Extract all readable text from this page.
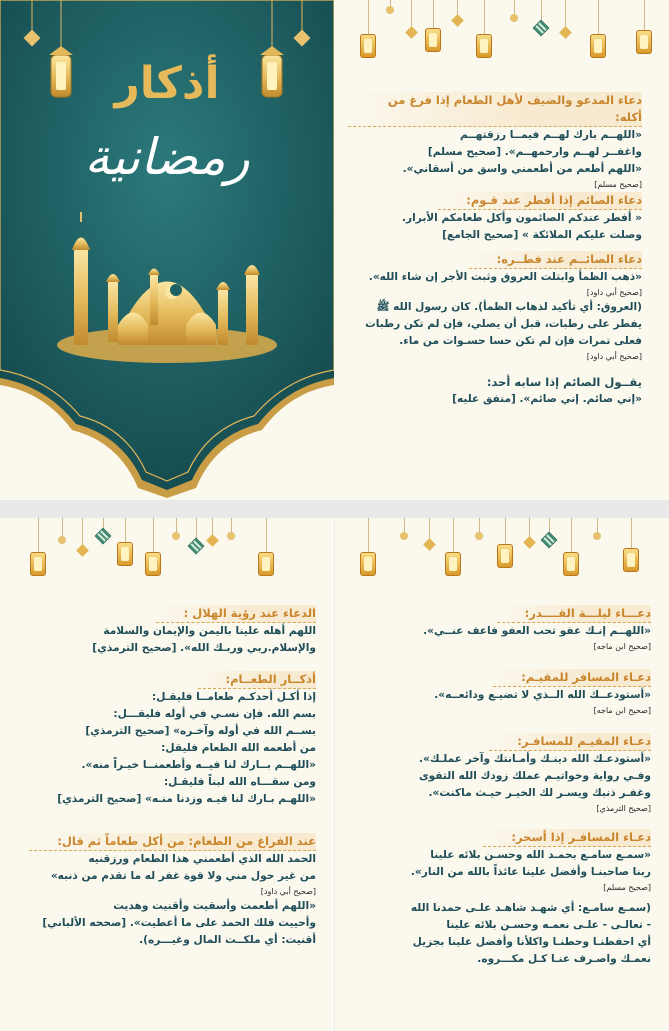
أذكار
رمضانية
دعاء المدعو والضيف لأهل الطعام إذا فرغ من أكله:
«اللهــم بارك لهــم فيمــا رزقتهــم
واغفــر لهــم وارحمهــم». [صحيح مسلم]
«اللهم أطعم من أطعمني واسق من أسقاني».
[صحيح مسلم]
دعاء الصائم إذا أفطر عند قـوم:
« أفطر عندكم الصائمون وأكل طعامكم الأبرار.
وصلت عليكم الملائكة » [صحيح الجامع]
دعاء الصائــم عند فطــره:
«ذهب الظمأ وابتلت العروق وثبت الأجر إن شاء الله».
[صحيح أبي داود]
(العروق: أي تأكيد لذهاب الظمأ). كان رسول الله ﷺ
يفطر على رطبات، قبل أن يصلي، فإن لم تكن رطبات
فعلى تمرات فإن لم تكن حسا حسـوات من ماء.
[صحيح أبي داود]
يقــول الصائم إذا سابه أحد:
«إني صائم. إني صائم». [متفق عليه]
الدعاء عند رؤية الهلال :
اللهم أهله علينا باليمن والإيمان والسلامة
والإسلام.ربي وربـك الله». [صحيح الترمذي]
أذكــار الطعــام:
إذا أكـل أحدكـم طعامــا فليقـل:
بسم الله. فإن نسـي في أوله فليقـــل:
بســم الله في أوله وآخـره» [صحيح الترمذي]
من أطعمه الله الطعام فليقل:
«اللهــم بــارك لنا فيــه وأطعمنــا خيـراً منه».
ومن سقـــاه الله لبناً فليقـل:
«اللهـم بـارك لنا فيـه وزدنا منـه» [صحيح الترمذي]
عند الفراغ من الطعام: من أكل طعاماً ثم قال:
الحمد الله الذي أطعمني هذا الطعام ورزقنيه
من غير حول مني ولا قوة غفر له ما تقدم من ذنبه»
[صحيح أبي داود]
«اللهم أطعمت وأسقيت وأقنيت وهديت
وأحييت فلك الحمد على ما أعطيت». [صححه الألباني]
أقنيت: أي ملكــت المال وغيـــره).
دعـــاء ليلـــة القــــدر:
«اللهــم إنـك عفو تحب العفو فاعف عنــي».
[صحيح ابن ماجه]
دعـاء المسافر للمقيـم:
«أستودعــك الله الــذي لا تضيـع ودائعــه».
[صحيح ابن ماجه]
دعـاء المقيـم للمسافـر:
«أستودعـك الله دينـك وأمـانتك وآخر عملـك».
وفـي رواية وخواتيـم عملك زودك الله التقوى
وغفـر ذنبك ويسـر لك الخيـر حيـث ماكنت».
[صحيح الترمذي]
دعـاء المسافـر إذا أسحر:
«سمـع سامـع بحمـد الله وحسـن بلائه علينا
ربنا صاحبنـا وأفضل علينا عائذاً بالله من النار».
[صحيح مسلم]
(سمـع سامـع: أي شهـد شاهـد علـى حمدنا الله
- تعالـى - علـى نعمـه وحسـن بلائه علينا
أي احفظنـا وحطنـا واكلأنا وأفضل علينا بجزيل
نعمـك واصـرف عنـا كـل مكـــروه.
